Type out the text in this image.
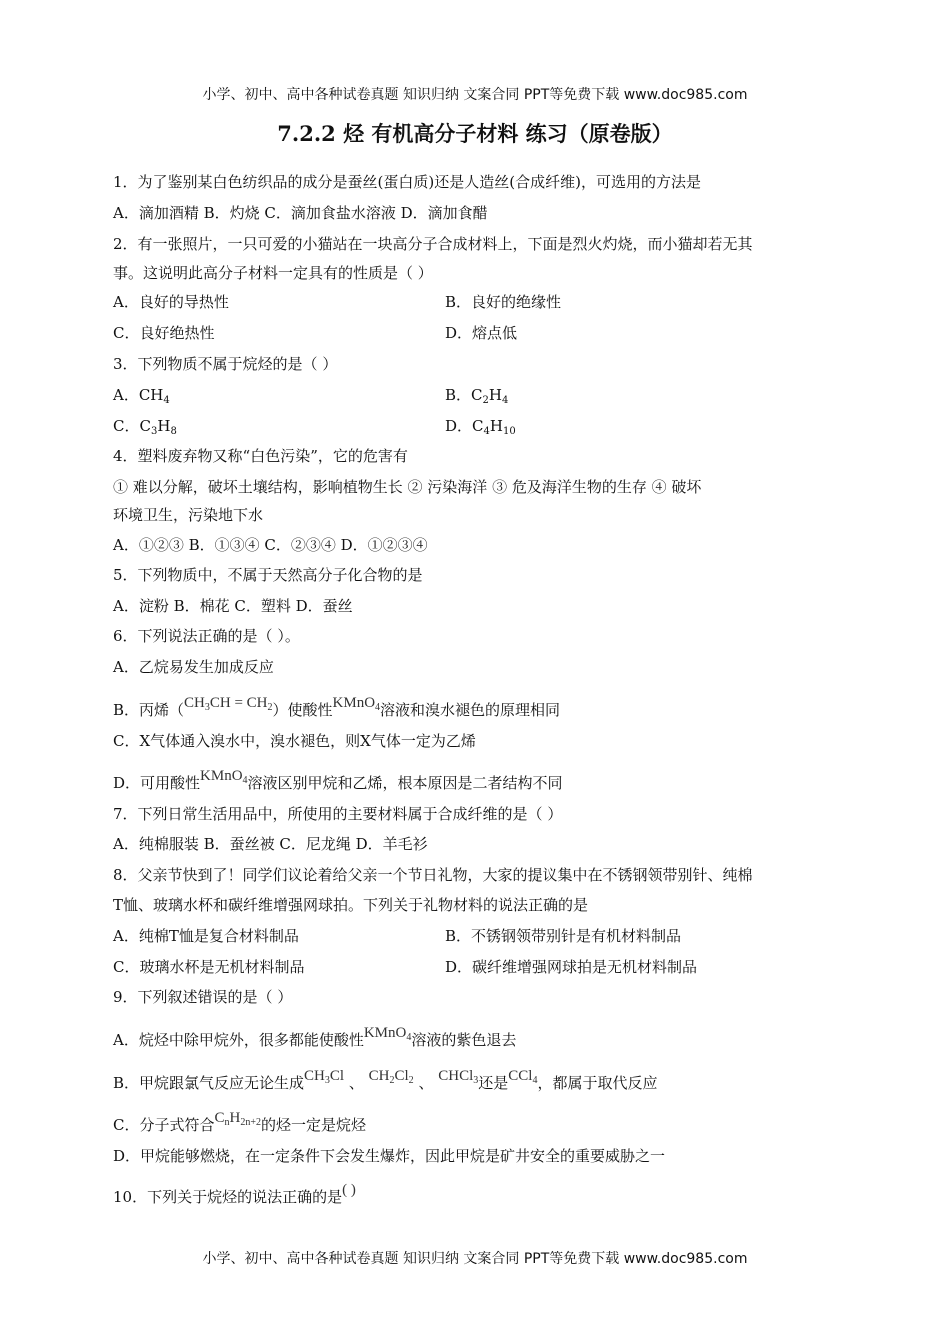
小学、初中、高中各种试卷真题 知识归纳 文案合同 PPT等免费下载 www.doc985.com
7.2.2 烃 有机高分子材料 练习（原卷版）
1．为了鉴别某白色纺织品的成分是蚕丝(蛋白质)还是人造丝(合成纤维)，可选用的方法是
A．滴加酒精 B．灼烧 C．滴加食盐水溶液 D．滴加食醋
2．有一张照片，一只可爱的小猫站在一块高分子合成材料上，下面是烈火灼烧，而小猫却若无其
事。这说明此高分子材料一定具有的性质是（ ）
A．良好的导热性	B．良好的绝缘性
C．良好绝热性	D．熔点低
3．下列物质不属于烷烃的是（ ）
A．$CH_4$	B．$C_2H_4$
C．$C_3H_8$	D．$C_4H_{10}$
4．塑料废弃物又称“白色污染”，它的危害有
① 难以分解，破坏土壤结构，影响植物生长 ② 污染海洋 ③ 危及海洋生物的生存 ④ 破坏
环境卫生，污染地下水
A．①②③ B．①③④ C．②③④ D．①②③④
5．下列物质中，不属于天然高分子化合物的是
A．淀粉 B．棉花 C．塑料 D．蚕丝
6．下列说法正确的是（ ）。
A．乙烷易发生加成反应
B．丙烯$(CH_3CH = CH_2)$使酸性KMnO$_4$溶液和溴水褪色的原理相同
C．X气体通入溴水中，溴水褪色，则X气体一定为乙烯
D．可用酸性KMnO$_4$溶液区别甲烷和乙烯，根本原因是二者结构不同
7．下列日常生活用品中，所使用的主要材料属于合成纤维的是（ ）
A．纯棉服装 B．蚕丝被 C．尼龙绳 D．羊毛衫
8．父亲节快到了！同学们议论着给父亲一个节日礼物，大家的提议集中在不锈钢领带别针、纯棉
T恤、玻璃水杯和碳纤维增强网球拍。下列关于礼物材料的说法正确的是
A．纯棉T恤是复合材料制品	B．不锈钢领带别针是有机材料制品
C．玻璃水杯是无机材料制品	D．碳纤维增强网球拍是无机材料制品
9．下列叙述错误的是（ ）
A．烷烃中除甲烷外，很多都能使酸性KMnO$_4$溶液的紫色退去
B．甲烷跟氯气反应无论生成$CH_3Cl$ 、 $CH_2Cl_2$ 、 CHCl$_3$还是CCl$_4$，都属于取代反应
C．分子式符合$C_nH_{2n+2}$的烃一定是烷烃
D．甲烷能够燃烧，在一定条件下会发生爆炸，因此甲烷是矿井安全的重要威胁之一
10．下列关于烷烃的说法正确的是( )
小学、初中、高中各种试卷真题 知识归纳 文案合同 PPT等免费下载 www.doc985.com
